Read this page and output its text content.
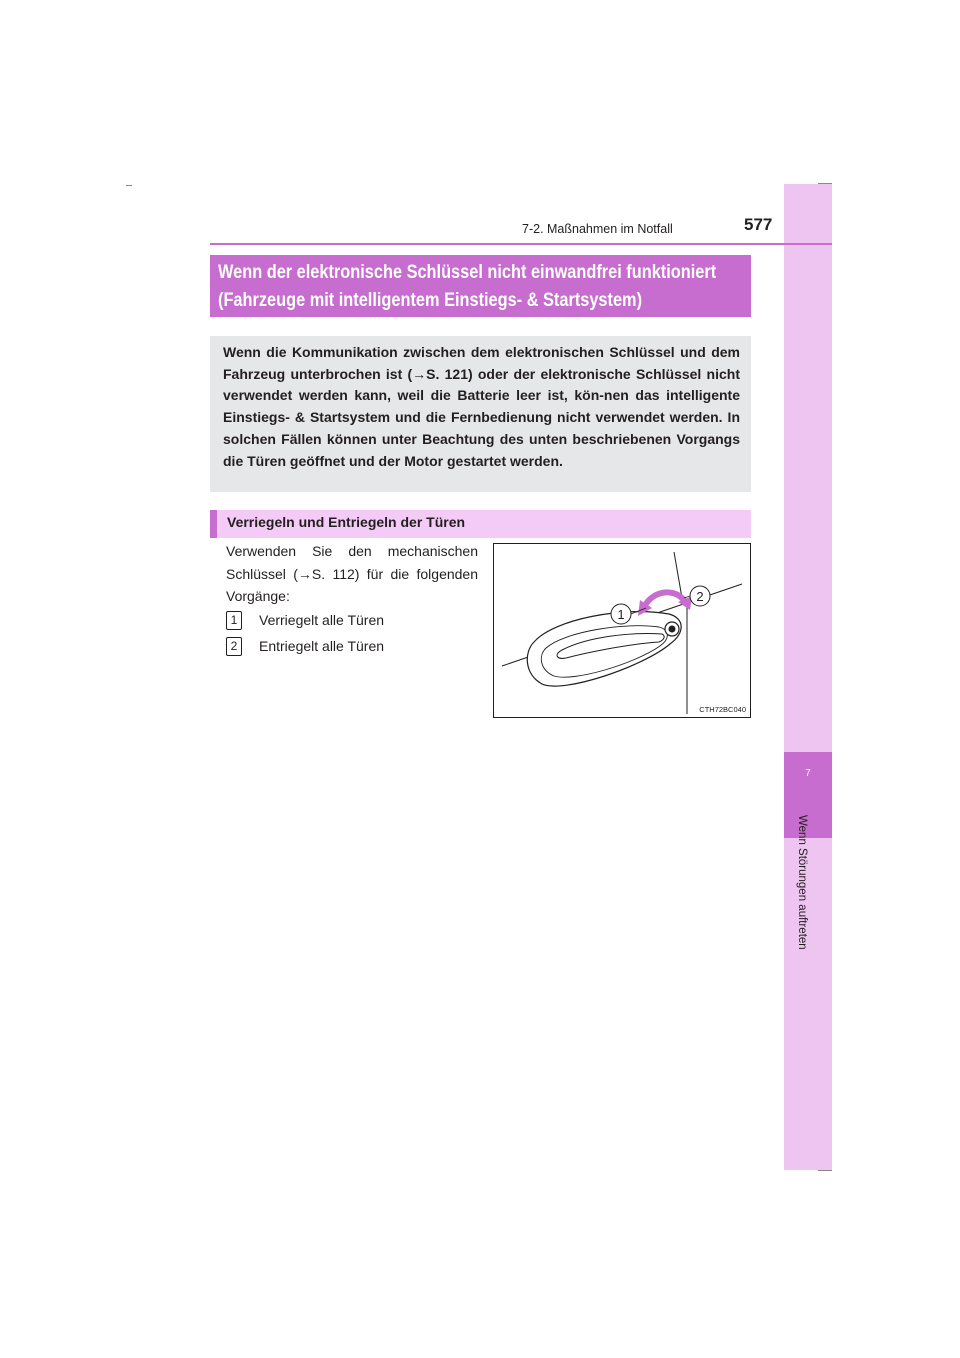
7
Wenn Störungen auftreten
7-2. Maßnahmen im Notfall	577
Wenn der elektronische Schlüssel nicht einwandfrei funktioniert
(Fahrzeuge mit intelligentem Einstiegs- & Startsystem)
Wenn die Kommunikation zwischen dem elektronischen Schlüssel und dem Fahrzeug unterbrochen ist (→S. 121) oder der elektronische Schlüssel nicht verwendet werden kann, weil die Batterie leer ist, kön-nen das intelligente Einstiegs- & Startsystem und die Fernbedienung nicht verwendet werden. In solchen Fällen können unter Beachtung des unten beschriebenen Vorgangs die Türen geöffnet und der Motor gestartet werden.
Verriegeln und Entriegeln der Türen
Verwenden Sie den mechanischen Schlüssel (→S. 112) für die folgenden Vorgänge:
1	Verriegelt alle Türen
2	Entriegelt alle Türen
1
2
CTH72BC040
